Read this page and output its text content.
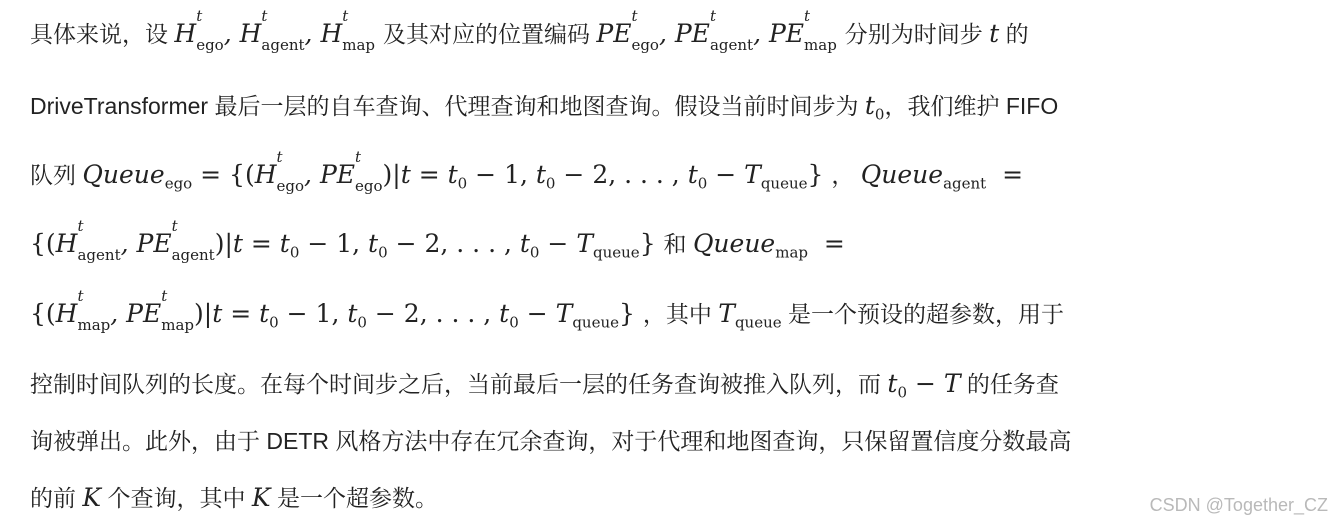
具体来说，设 H
t
$_{ego}$, H
t
$_{agent}$, H
t
$_{map}$ 及其对应的位置编码 PE
t
$_{ego}$, PE
t
$_{agent}$, PE
t
$_{map}$ 分别为时间步 t 的
DriveTransformer 最后一层的自车查询、代理查询和地图查询。假设当前时间步为 $t_0$，我们维护 FIFO
队列 Queue$_{ego}$ = {(H
t
$_{ego}$, PE
t
$_{ego})|t = t_0 - 1$, $t_0 - 2$, . . . , $t_0 - T_{queue}$} ， Queue$_{agent}$  =
{(H
t
$_{agent}$, PE
t
$_{agent})|t = t_0 - 1$, $t_0 - 2$, . . . , $t_0 - T_{queue}$} 和 Queue$_{map}$  =
{(H
t
$_{map}$, PE
t
$_{map})|t = t_0 - 1$, $t_0 - 2$, . . . , $t_0 - T_{queue}$} ，其中 $T_{queue}$ 是一个预设的超参数，用于
控制时间队列的长度。在每个时间步之后，当前最后一层的任务查询被推入队列，而 $t_0 - T$ 的任务查
询被弹出。此外，由于 DETR 风格方法中存在冗余查询，对于代理和地图查询，只保留置信度分数最高
的前 K 个查询，其中 K 是一个超参数。	CSDN @Together_CZ
